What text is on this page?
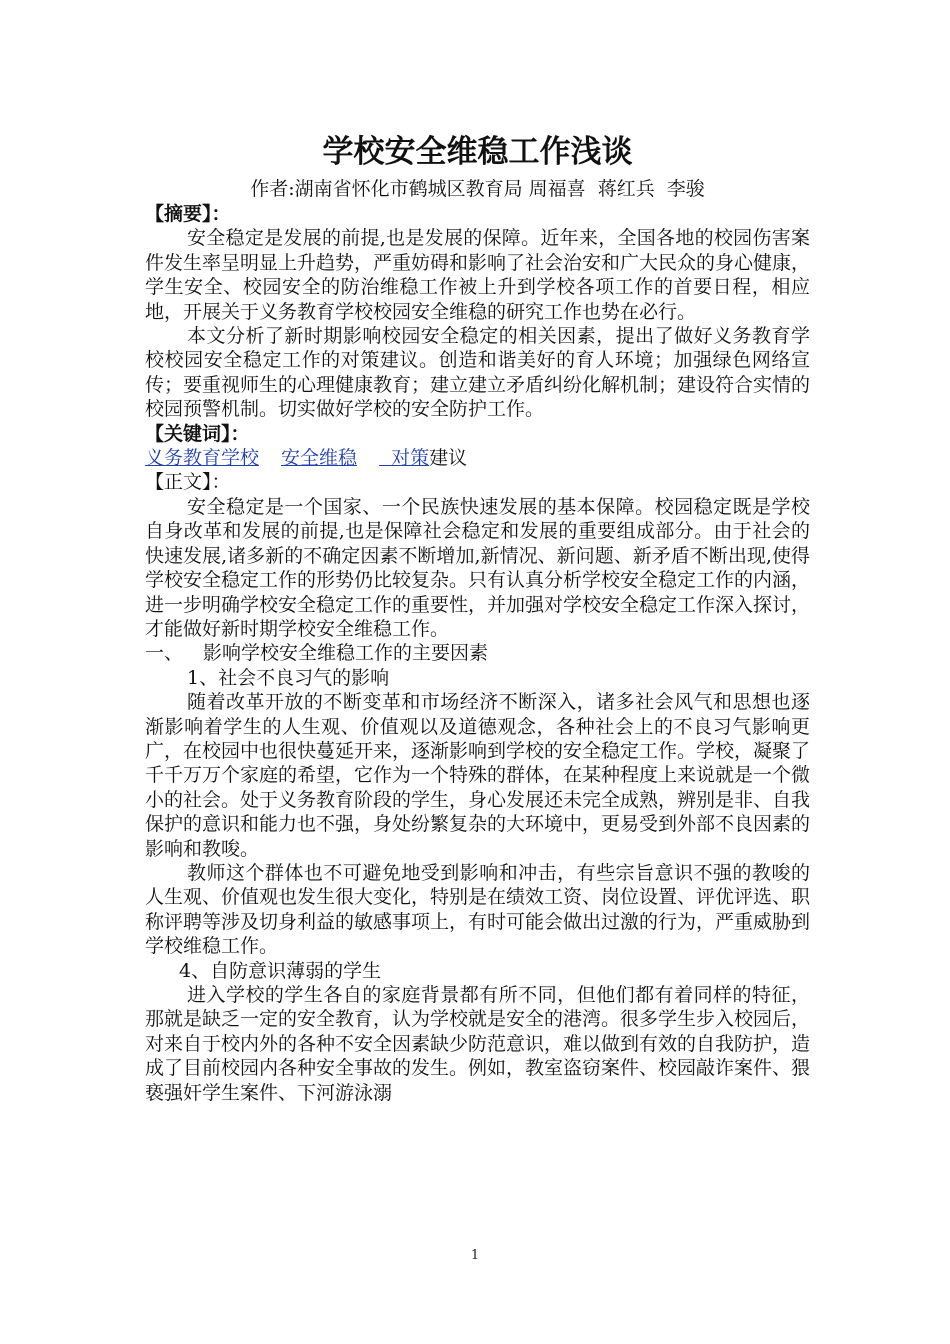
学校安全维稳工作浅谈

作者:湖南省怀化市鹤城区教育局 周福喜  蒋红兵  李骏

【摘要】：

安全稳定是发展的前提,也是发展的保障。近年来，全国各地的校园伤害案件发生率呈明显上升趋势，严重妨碍和影响了社会治安和广大民众的身心健康，学生安全、校园安全的防治维稳工作被上升到学校各项工作的首要日程，相应地，开展关于义务教育学校校园安全维稳的研究工作也势在必行。

本文分析了新时期影响校园安全稳定的相关因素，提出了做好义务教育学校校园安全稳定工作的对策建议。创造和谐美好的育人环境；加强绿色网络宣传；要重视师生的心理健康教育；建立建立矛盾纠纷化解机制；建设符合实情的校园预警机制。切实做好学校的安全防护工作。

【关键词】：

义务教育学校 安全维稳  对策建议

【正文】：

安全稳定是一个国家、一个民族快速发展的基本保障。校园稳定既是学校自身改革和发展的前提,也是保障社会稳定和发展的重要组成部分。由于社会的快速发展,诸多新的不确定因素不断增加,新情况、新问题、新矛盾不断出现,使得学校安全稳定工作的形势仍比较复杂。只有认真分析学校安全稳定工作的内涵，进一步明确学校安全稳定工作的重要性，并加强对学校安全稳定工作深入探讨，才能做好新时期学校安全维稳工作。

一、 影响学校安全维稳工作的主要因素

1、社会不良习气的影响

随着改革开放的不断变革和市场经济不断深入，诸多社会风气和思想也逐渐影响着学生的人生观、价值观以及道德观念，各种社会上的不良习气影响更广，在校园中也很快蔓延开来，逐渐影响到学校的安全稳定工作。学校，凝聚了千千万万个家庭的希望，它作为一个特殊的群体，在某种程度上来说就是一个微小的社会。处于义务教育阶段的学生，身心发展还未完全成熟，辨别是非、自我保护的意识和能力也不强，身处纷繁复杂的大环境中，更易受到外部不良因素的影响和教唆。

教师这个群体也不可避免地受到影响和冲击，有些宗旨意识不强的教唆的人生观、价值观也发生很大变化，特别是在绩效工资、岗位设置、评优评选、职称评聘等涉及切身利益的敏感事项上，有时可能会做出过激的行为，严重威胁到学校维稳工作。

4、自防意识薄弱的学生

进入学校的学生各自的家庭背景都有所不同，但他们都有着同样的特征，那就是缺乏一定的安全教育，认为学校就是安全的港湾。很多学生步入校园后，对来自于校内外的各种不安全因素缺少防范意识，难以做到有效的自我防护，造成了目前校园内各种安全事故的发生。例如，教室盗窃案件、校园敲诈案件、猥亵强奸学生案件、下河游泳溺

1
